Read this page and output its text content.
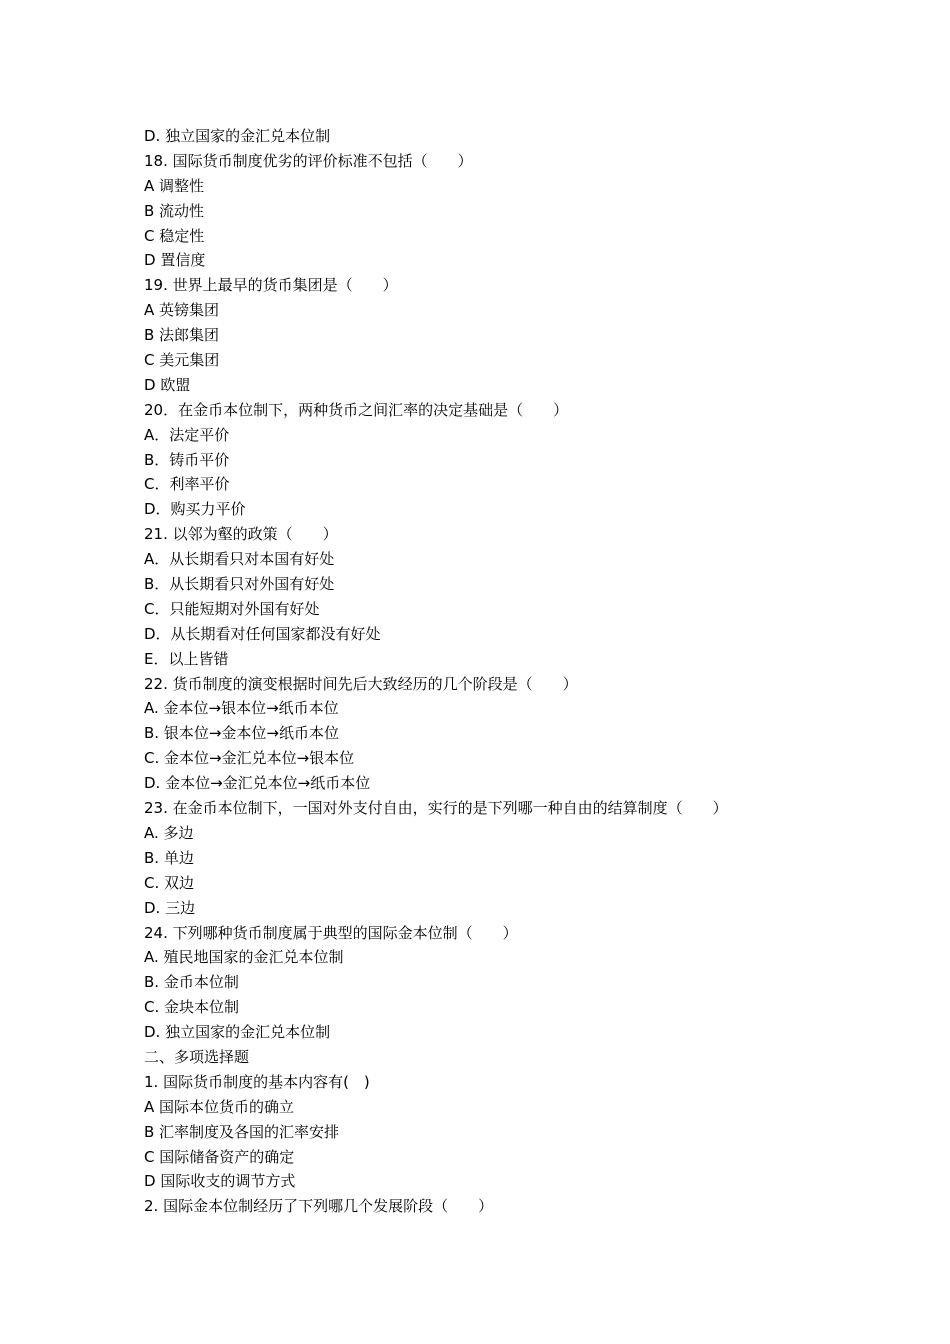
D. 独立国家的金汇兑本位制
18. 国际货币制度优劣的评价标准不包括（　　）
A 调整性
B 流动性
C 稳定性
D 置信度
19. 世界上最早的货币集团是（　　）
A 英镑集团
B 法郎集团
C 美元集团
D 欧盟
20．在金币本位制下，两种货币之间汇率的决定基础是（　　）
A．法定平价
B．铸币平价
C．利率平价
D．购买力平价
21. 以邻为壑的政策（　　）
A．从长期看只对本国有好处
B．从长期看只对外国有好处
C．只能短期对外国有好处
D．从长期看对任何国家都没有好处
E．以上皆错
22. 货币制度的演变根据时间先后大致经历的几个阶段是（　　）
A. 金本位→银本位→纸币本位
B. 银本位→金本位→纸币本位
C. 金本位→金汇兑本位→银本位
D. 金本位→金汇兑本位→纸币本位
23. 在金币本位制下，一国对外支付自由，实行的是下列哪一种自由的结算制度（　　）
A. 多边
B. 单边
C. 双边
D. 三边
24. 下列哪种货币制度属于典型的国际金本位制（　　）
A. 殖民地国家的金汇兑本位制
B. 金币本位制
C. 金块本位制
D. 独立国家的金汇兑本位制
二、多项选择题
1. 国际货币制度的基本内容有(　)
A 国际本位货币的确立
B 汇率制度及各国的汇率安排
C 国际储备资产的确定
D 国际收支的调节方式
2. 国际金本位制经历了下列哪几个发展阶段（　　）
